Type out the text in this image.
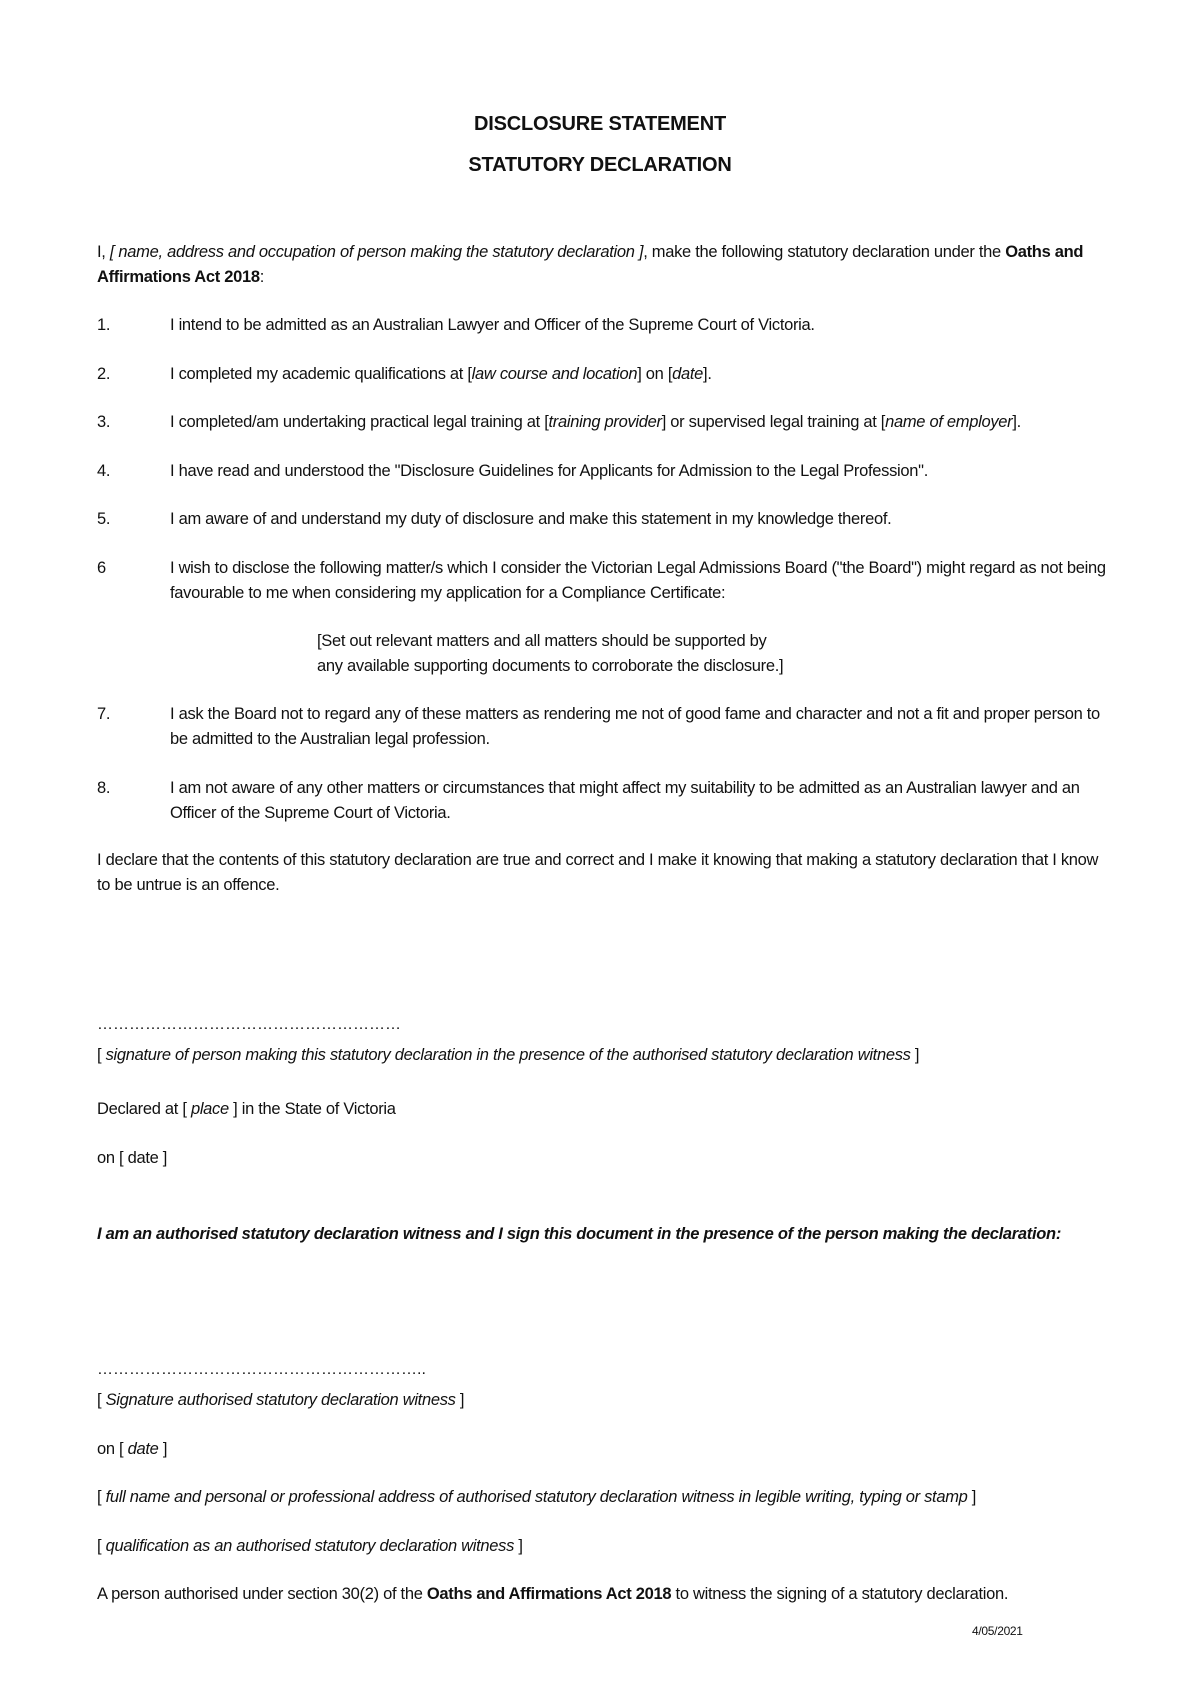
DISCLOSURE STATEMENT
STATUTORY DECLARATION
I, [ name, address and occupation of person making the statutory declaration ], make the following statutory declaration under the Oaths and Affirmations Act 2018:
1.	I intend to be admitted as an Australian Lawyer and Officer of the Supreme Court of Victoria.
2.	I completed my academic qualifications at [law course and location] on [date].
3.	I completed/am undertaking practical legal training at [training provider] or supervised legal training at [name of employer].
4.	I have read and understood the "Disclosure Guidelines for Applicants for Admission to the Legal Profession".
5.	I am aware of and understand my duty of disclosure and make this statement in my knowledge thereof.
6	I wish to disclose the following matter/s which I consider the Victorian Legal Admissions Board ("the Board") might regard as not being favourable to me when considering my application for a Compliance Certificate:
[Set out relevant matters and all matters should be supported by
any available supporting documents to corroborate the disclosure.]
7.	I ask the Board not to regard any of these matters as rendering me not of good fame and character and not a fit and proper person to be admitted to the Australian legal profession.
8.	I am not aware of any other matters or circumstances that might affect my suitability to be admitted as an Australian lawyer and an Officer of the Supreme Court of Victoria.
I declare that the contents of this statutory declaration are true and correct and I make it knowing that making a statutory declaration that I know to be untrue is an offence.
…………………………………………………
[ signature of person making this statutory declaration in the presence of the authorised statutory declaration witness ]
Declared at [ place ] in the State of Victoria
on [ date ]
I am an authorised statutory declaration witness and I sign this document in the presence of the person making the declaration:
……………………………………………………..
[ Signature authorised statutory declaration witness ]
on [ date ]
[ full name and personal or professional address of authorised statutory declaration witness in legible writing, typing or stamp ]
[ qualification as an authorised statutory declaration witness ]
A person authorised under section 30(2) of the Oaths and Affirmations Act 2018 to witness the signing of a statutory declaration.
4/05/2021
